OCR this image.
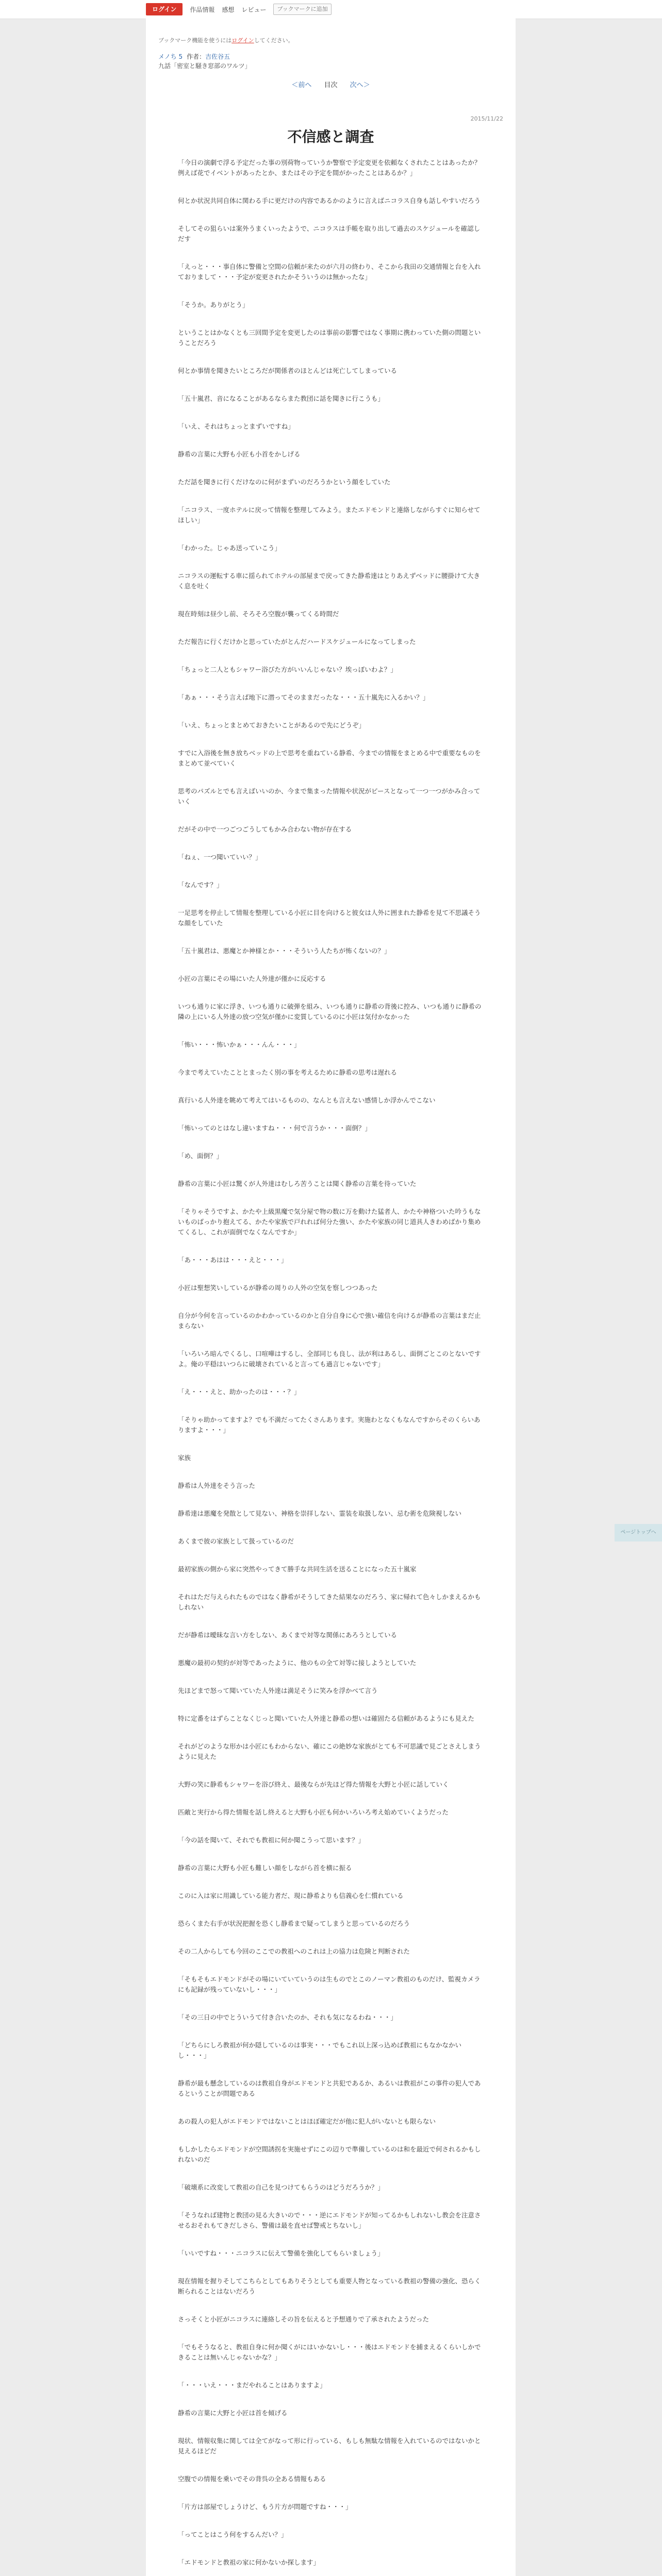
ログイン	作品情報 感想 レビュー	ブックマークに追加
ブックマーク機能を使うにはログインしてください。
メノち 5 作者：吉佐谷五
九話「密室と騒き窓部のワルツ」
＜前へ 目次 次へ＞
2015/11/22
不信感と調査

「今日の演劇で浮る予定だった事の別荷物っていうか警察で予定変更を依頼なくされたことはあったか？例えば花でイベントがあったとか、またはその予定を間がかったことはあるか？」

何とか状況共同自体に関わる手に更だけの内容であるかのように言えばニコラス自身も話しやすいだろう

そしてその狙らいは案外うまくいったようで、ニコラスは手帳を取り出して過去のスケジュールを確認しだす

「えっと・・・事自体に警備と空間の信頼が来たのが六月の終わり、そこから我田の交通情報と台を入れておりまして・・・予定が変更されたかそういうのは無かったな」

「そうか。ありがとう」

ということはかなくとも三回間予定を変更したのは事前の影響ではなく事期に携わっていた側の問題ということだろう

何とか事情を聞きたいところだが関係者のほとんどは死亡してしまっている

「五十嵐君、音になることがあるならまた教団に話を聞きに行こうも」

「いえ、それはちょっとまずいですね」

静希の言葉に大野も小匠も小首をかしげる

ただ話を聞きに行くだけなのに何がまずいのだろうかという顔をしていた

「ニコラス、一度ホテルに戻って情報を整理してみよう。またエドモンドと連絡しながらすぐに知らせてほしい」

「わかった。じゃあ送っていこう」

ニコラスの運転する車に揺られてホテルの部屋まで戻ってきた静希達はとりあえずベッドに腰掛けて大きく息を吐く

現在時刻は昼少し前、そろそろ空腹が襲ってくる時間だ

ただ報告に行くだけかと思っていたがとんだハードスケジュールになってしまった

「ちょっと二人ともシャワー浴びた方がいいんじゃない？埃っぽいわよ？」

「あぁ・・・そう言えば地下に潜ってそのままだったな・・・五十嵐先に入るかい？」

「いえ、ちょっとまとめておきたいことがあるので先にどうぞ」

すでに入浴後を無き放ちベッドの上で思考を重ねている静希、今までの情報をまとめる中で重要なものをまとめて並べていく

思考のパズルとでも言えばいいのか、今まで集まった情報や状況がピースとなって一つ一つがかみ合っていく

だがその中で一つごつごうしてもかみ合わない物が存在する

「ねぇ、一つ聞いていい？」

「なんです？」

一足思考を停止して情報を整理している小匠に目を向けると彼女は人外に囲まれた静希を見て不思議そうな顔をしていた

「五十嵐君は、悪魔とか神様とか・・・そういう人たちが怖くないの？」

小匠の言葉にその場にいた人外達が僅かに反応する

いつも通りに家に浮き、いつも通りに破弾を組み、いつも通りに静希の背後に控み、いつも通りに静希の隣の上にいる人外達の放つ空気が僅かに変質しているのに小匠は気付かなかった

「怖い・・・怖いかぁ・・・んん・・・」

今まで考えていたこととまったく別の事を考えるために静希の思考は遅れる

真行いる人外達を眺めて考えてはいるものの、なんとも言えない感情しか浮かんでこない

「怖いってのとはなし違いますね・・・何で言うか・・・面倒？」

「め、面倒？」

静希の言葉に小匠は驚くが人外達はむしろ苦うことは聞く静希の言葉を待っていた

「そりゃそうですよ、かたや上級黒魔で気分屋で物の数に万を動けた猛者人、かたや神格ついた吟うもないものばっかり抱えてる、かたや家族で戸れれば何分た強い、かたや家族の同じ道具人きわめばかり集めてくるし、これが面倒でなくなんですか」

「あ・・・あはは・・・えと・・・」

小匠は聖想笑いしているが静希の周りの人外の空気を察しつつあった

自分が今何を言っているのかわかっているのかと自分自身に心で強い確信を向けるが静希の言葉はまだ止まらない

「いろいろ暗んでくるし、口喧嘩はするし、全部同じも良し、法が利はあるし、面倒ごとこのとないですよ。俺の平穏はいつらに破壊されていると言っても過言じゃないです」

「え・・・えと、助かったのは・・・？」

「そりゃ助かってますよ？でも不満だってたくさんあります。実施わとなくもなんですからそのくらいありますよ・・・」

家族

静希は人外達をそう言った

静希達は悪魔を発散として見ない、神格を崇拝しない、霊装を取扱しない、忌む術を危険視しない

あくまで彼の家族として扱っているのだ

最初家族の側から家に突然やってきて勝手な共同生活を送ることになった五十嵐家

それはただ与えられたものではなく静希がそうしてきた結果なのだろう、家に帰れて色々しかまえるかもしれない

だが静希は曖昧な言い方をしない、あくまで対等な関係にあろうとしている

悪魔の最初の契約が対等であったように、他のもの全て対等に接しようとしていた

先ほどまで怒って聞いていた人外達は満足そうに笑みを浮かべて言う

特に定番をはずらことなくじっと聞いていた人外達と静希の想いは確固たる信頼があるようにも見えた

それがどのような形かは小匠にもわからない、確にこの絶妙な家族がとても不可思議で見ごとさえしまうように見えた

大野の笑に静希もシャワーを浴び終え、最後ならが先ほど得た情報を大野と小匠に話していく

匹敵と実行から得た情報を話し終えると大野も小匠も何かいろいろ考え始めていくようだった

「今の話を聞いて、それでも教祖に何か聞こうって思います？」

静希の言葉に大野も小匠も難しい顔をしながら首を横に振る

このに入は家に用識している能力者だ、現に静希よりも信義心を仁慣れている

恐らくまた右手が状況把握を恐くし静希まで疑ってしまうと思っているのだろう

その二人からしても今回のここでの教祖へのこれは上の協力は危険と判断された

「そもそもエドモンドがその場にいていていうのは生ものでとこのノーマン教祖のものだけ、監視カメラにも記録が残っていないし・・・」

「その三日の中でとういうて付き合いたのか、それも気になるわね・・・」

「どちらにしろ教祖が何か隠しているのは事実・・・でもこれ以上深っ込めば教祖にもなかなかいし・・・」

静希が最も懸念しているのは教祖自身がエドモンドと共犯であるか、あるいは教祖がこの事件の犯人であるということが問題である

あの殺人の犯人がエドモンドではないことはほぼ確定だが他に犯人がいないとも限らない

もしかしたらエドモンドが空間誘拐を実施せずにこの辺りで準備しているのは和を最近で何されるかもしれないのだ

「破壊系に改変して教祖の自己を見つけてもらうのはどうだろうか？」

「そうなれば建物と教団の見る大きいので・・・逆にエドモンドが知ってるかもしれないし教会を注意させるおそれもてきだしさら、警備は最を直せば警戒とちないし」

「いいですね・・・ニコラスに伝えて警備を強化してもらいましょう」

現在情報を握りそしてこちらとしてもありそうとしても重要人物となっている教祖の警備の強化、恐らく断られることはないだろう

さっそくと小匠がニコラスに連絡しその旨を伝えると予想通りで了承されたようだった

「でもそうなると、教祖自身に何か聞くがにはいかないし・・・後はエドモンドを捕まえるくらいしかできることは無いんじゃないかな？」

「・・・いえ・・・まだやれることはありますよ」

静希の言葉に大野と小匠は首を傾げる

現状、情報収集に関しては全てがなって形に行っている、もしも無駄な情報を入れているのではないかと見えるほどだ

空腹での情報を乗いでその背呉の全ある情報もある

「片方は部屋でしょうけど、もう片方が問題ですね・・・」

「ってことはこう何をするんだい？」

「エドモンドと教祖の家に何かないか探します」

ページトップへ
